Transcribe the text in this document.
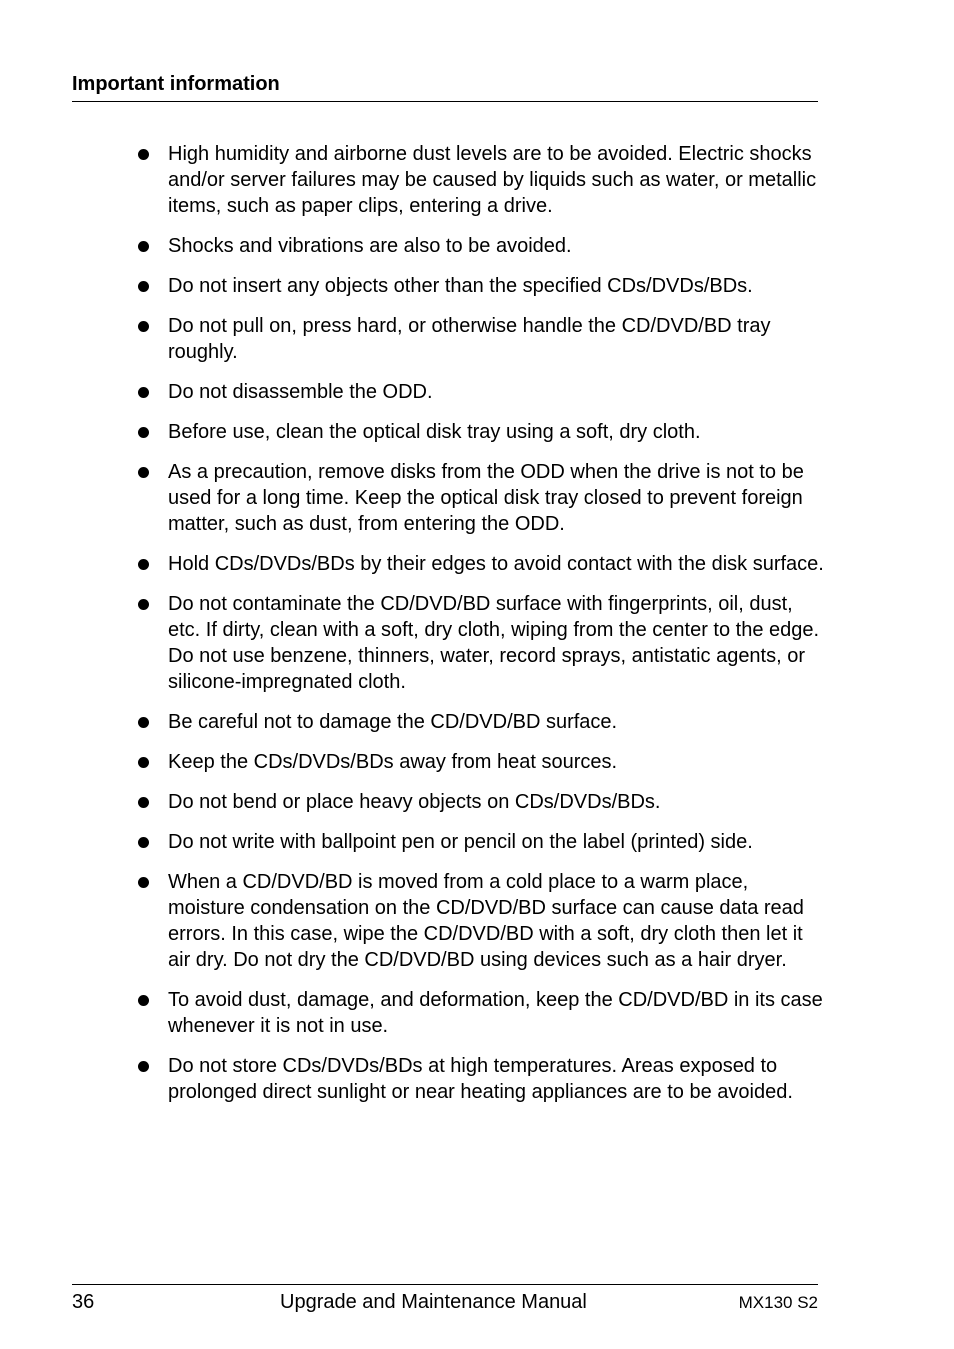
Important information
High humidity and airborne dust levels are to be avoided. Electric shocks and/or server failures may be caused by liquids such as water, or metallic items, such as paper clips, entering a drive.
Shocks and vibrations are also to be avoided.
Do not insert any objects other than the specified CDs/DVDs/BDs.
Do not pull on, press hard, or otherwise handle the CD/DVD/BD tray roughly.
Do not disassemble the ODD.
Before use, clean the optical disk tray using a soft, dry cloth.
As a precaution, remove disks from the ODD when the drive is not to be used for a long time. Keep the optical disk tray closed to prevent foreign matter, such as dust, from entering the ODD.
Hold CDs/DVDs/BDs by their edges to avoid contact with the disk surface.
Do not contaminate the CD/DVD/BD surface with fingerprints, oil, dust, etc. If dirty, clean with a soft, dry cloth, wiping from the center to the edge. Do not use benzene, thinners, water, record sprays, antistatic agents, or silicone-impregnated cloth.
Be careful not to damage the CD/DVD/BD surface.
Keep the CDs/DVDs/BDs away from heat sources.
Do not bend or place heavy objects on CDs/DVDs/BDs.
Do not write with ballpoint pen or pencil on the label (printed) side.
When a CD/DVD/BD is moved from a cold place to a warm place, moisture condensation on the CD/DVD/BD surface can cause data read errors. In this case, wipe the CD/DVD/BD with a soft, dry cloth then let it air dry. Do not dry the CD/DVD/BD using devices such as a hair dryer.
To avoid dust, damage, and deformation, keep the CD/DVD/BD in its case whenever it is not in use.
Do not store CDs/DVDs/BDs at high temperatures. Areas exposed to prolonged direct sunlight or near heating appliances are to be avoided.
36	Upgrade and Maintenance Manual	MX130 S2
